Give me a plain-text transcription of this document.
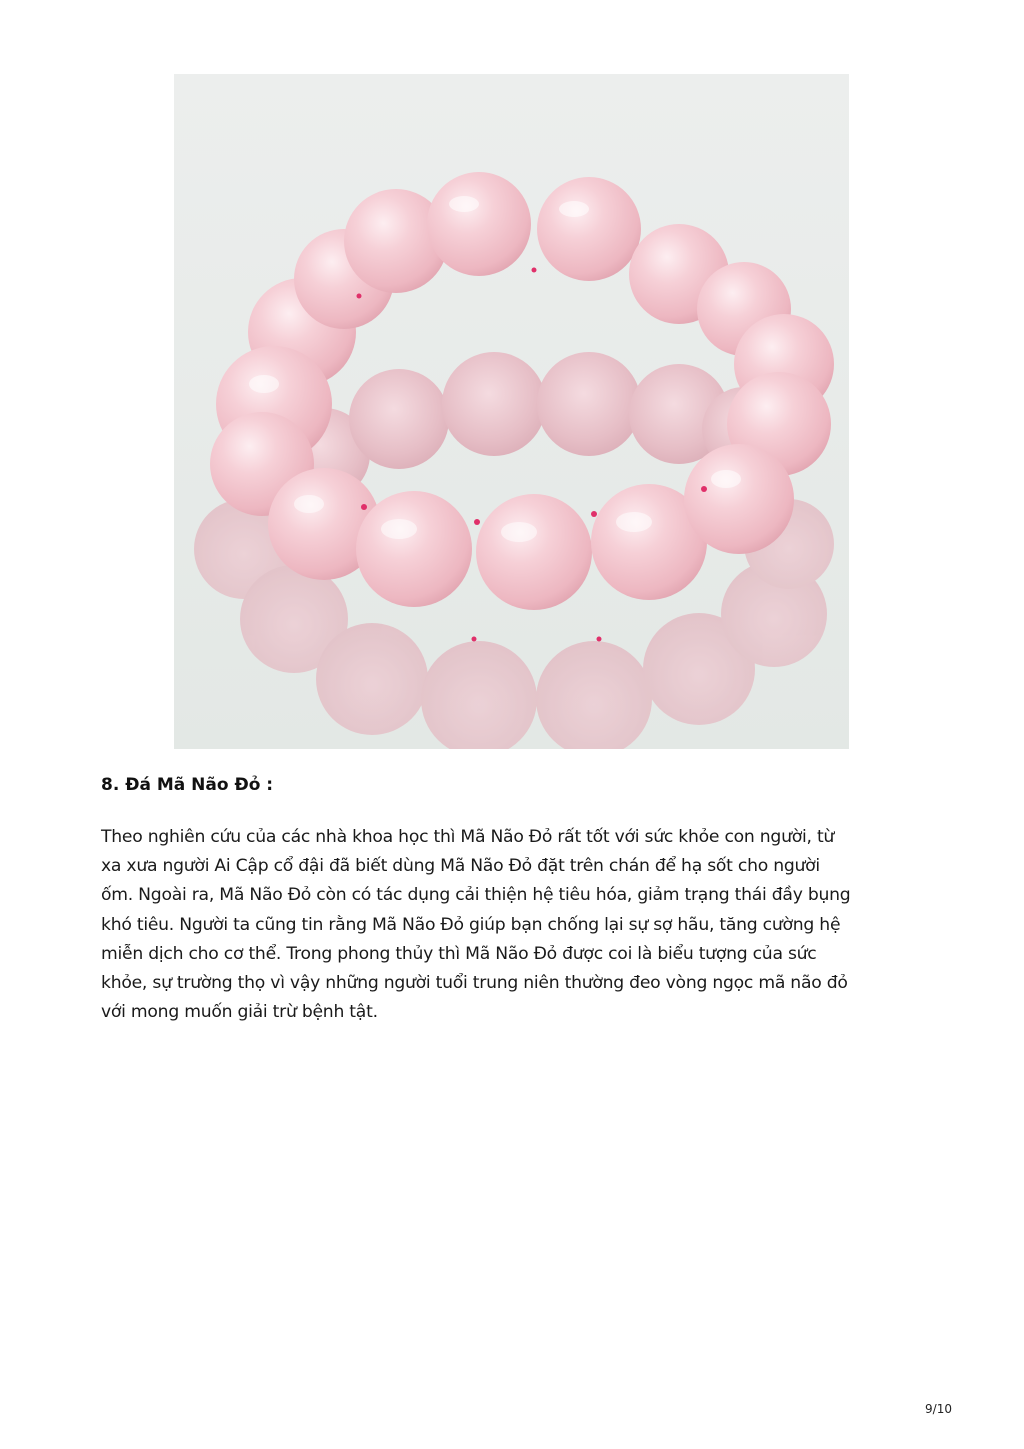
8. Đá Mã Não Đỏ :

Theo nghiên cứu của các nhà khoa học thì Mã Não Đỏ rất tốt với sức khỏe con người, từ
xa xưa người Ai Cập cổ đậi đã biết dùng Mã Não Đỏ đặt trên chán để hạ sốt cho người
ốm. Ngoài ra, Mã Não Đỏ còn có tác dụng cải thiện hệ tiêu hóa, giảm trạng thái đầy bụng
khó tiêu. Người ta cũng tin rằng Mã Não Đỏ giúp bạn chống lại sự sợ hãu, tăng cường hệ
miễn dịch cho cơ thể. Trong phong thủy thì Mã Não Đỏ được coi là biểu tượng của sức
khỏe, sự trường thọ vì vậy những người tuổi trung niên thường đeo vòng ngọc mã não đỏ
với mong muốn giải trừ bệnh tật.

9/10
